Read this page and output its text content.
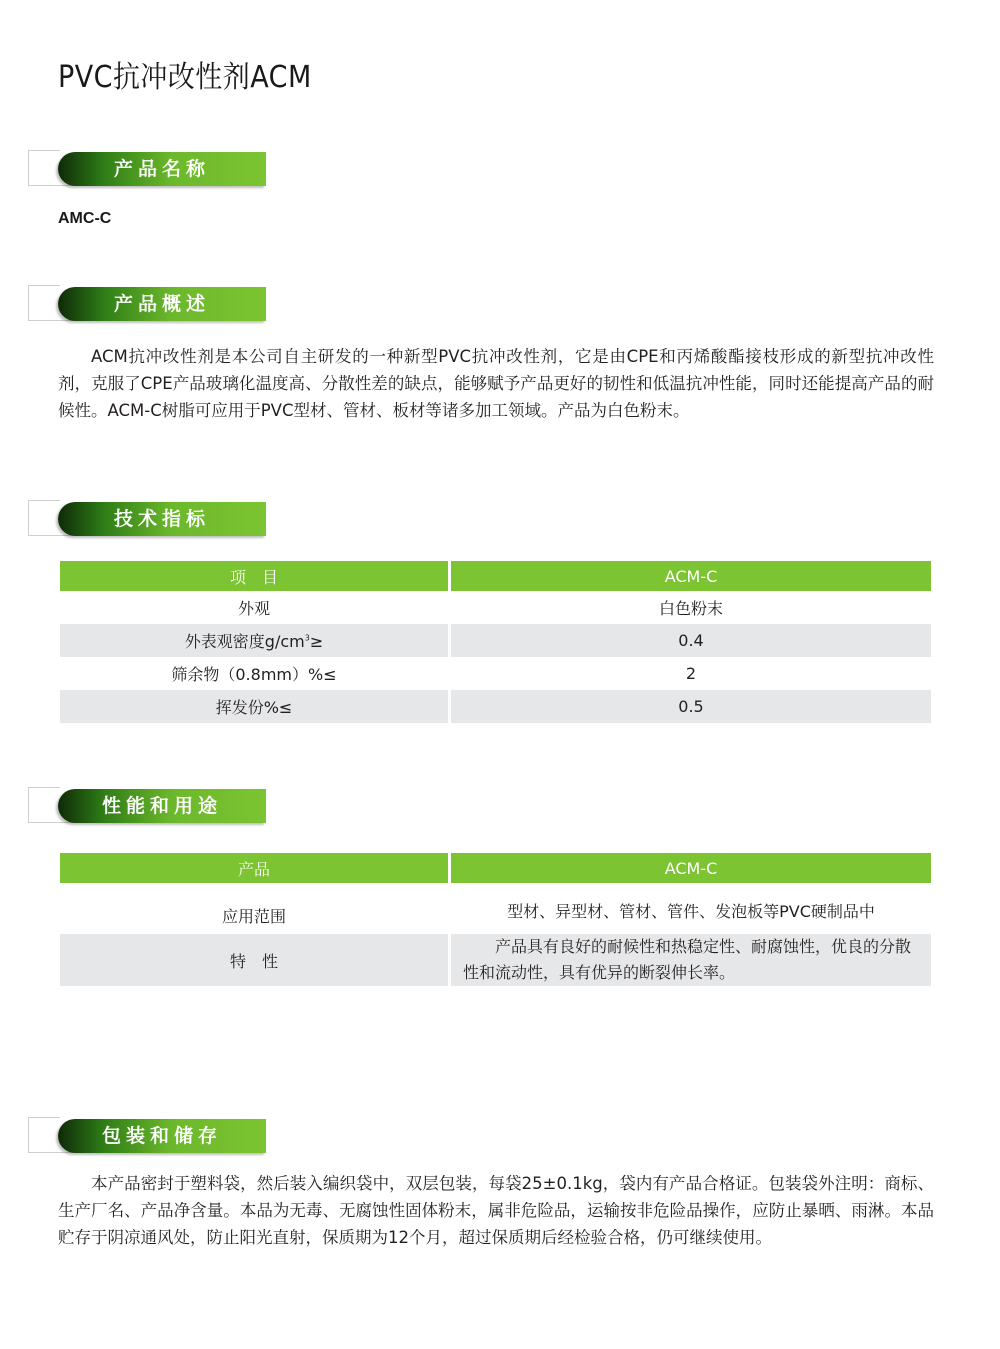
PVC抗冲改性剂ACM
产品名称
AMC-C
产品概述

ACM抗冲改性剂是本公司自主研发的一种新型PVC抗冲改性剂，它是由CPE和丙烯酸酯接枝形成的新型抗冲改性剂，克服了CPE产品玻璃化温度高、分散性差的缺点，能够赋予产品更好的韧性和低温抗冲性能，同时还能提高产品的耐候性。ACM-C树脂可应用于PVC型材、管材、板材等诸多加工领域。产品为白色粉末。

技术指标
项　目	ACM-C
外观	白色粉末
外表观密度$g/cm^3\ge$	0.4
筛余物（0.8mm）%≤	2
挥发份%≤	0.5
性能和用途
产品	ACM-C
应用范围	型材、异型材、管材、管件、发泡板等PVC硬制品中
特　性	　　产品具有良好的耐候性和热稳定性、耐腐蚀性，优良的分散性和流动性，具有优异的断裂伸长率。
包装和储存

本产品密封于塑料袋，然后装入编织袋中，双层包装，每袋25±0.1kg，袋内有产品合格证。包装袋外注明：商标、生产厂名、产品净含量。本品为无毒、无腐蚀性固体粉末，属非危险品，运输按非危险品操作，应防止暴晒、雨淋。本品贮存于阴凉通风处，防止阳光直射，保质期为12个月，超过保质期后经检验合格，仍可继续使用。
